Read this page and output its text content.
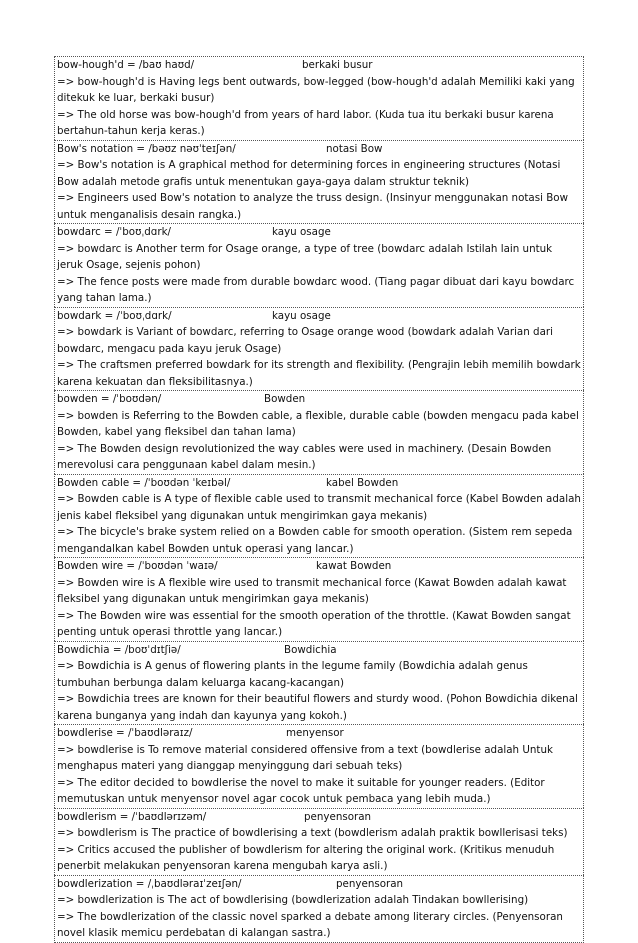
bow-hough'd = /baʊ haʊd/	berkaki busur
=> bow-hough'd is Having legs bent outwards, bow-legged (bow-hough'd adalah Memiliki kaki yang ditekuk ke luar, berkaki busur)
=> The old horse was bow-hough'd from years of hard labor. (Kuda tua itu berkaki busur karena bertahun-tahun kerja keras.)
Bow's notation = /bəʊz nəʊˈteɪʃən/	notasi Bow
=> Bow's notation is A graphical method for determining forces in engineering structures (Notasi Bow adalah metode grafis untuk menentukan gaya-gaya dalam struktur teknik)
=> Engineers used Bow's notation to analyze the truss design. (Insinyur menggunakan notasi Bow untuk menganalisis desain rangka.)
bowdarc = /ˈboʊˌdɑrk/	kayu osage
=> bowdarc is Another term for Osage orange, a type of tree (bowdarc adalah Istilah lain untuk jeruk Osage, sejenis pohon)
=> The fence posts were made from durable bowdarc wood. (Tiang pagar dibuat dari kayu bowdarc yang tahan lama.)
bowdark = /ˈboʊˌdɑrk/	kayu osage
=> bowdark is Variant of bowdarc, referring to Osage orange wood (bowdark adalah Varian dari bowdarc, mengacu pada kayu jeruk Osage)
=> The craftsmen preferred bowdark for its strength and flexibility. (Pengrajin lebih memilih bowdark karena kekuatan dan fleksibilitasnya.)
bowden = /ˈboʊdən/	Bowden
=> bowden is Referring to the Bowden cable, a flexible, durable cable (bowden mengacu pada kabel Bowden, kabel yang fleksibel dan tahan lama)
=> The Bowden design revolutionized the way cables were used in machinery. (Desain Bowden merevolusi cara penggunaan kabel dalam mesin.)
Bowden cable = /ˈboʊdən ˈkeɪbəl/	kabel Bowden
=> Bowden cable is A type of flexible cable used to transmit mechanical force (Kabel Bowden adalah jenis kabel fleksibel yang digunakan untuk mengirimkan gaya mekanis)
=> The bicycle's brake system relied on a Bowden cable for smooth operation. (Sistem rem sepeda mengandalkan kabel Bowden untuk operasi yang lancar.)
Bowden wire = /ˈboʊdən ˈwaɪə/	kawat Bowden
=> Bowden wire is A flexible wire used to transmit mechanical force (Kawat Bowden adalah kawat fleksibel yang digunakan untuk mengirimkan gaya mekanis)
=> The Bowden wire was essential for the smooth operation of the throttle. (Kawat Bowden sangat penting untuk operasi throttle yang lancar.)
Bowdichia = /boʊˈdɪtʃiə/	Bowdichia
=> Bowdichia is A genus of flowering plants in the legume family (Bowdichia adalah genus tumbuhan berbunga dalam keluarga kacang-kacangan)
=> Bowdichia trees are known for their beautiful flowers and sturdy wood. (Pohon Bowdichia dikenal karena bunganya yang indah dan kayunya yang kokoh.)
bowdlerise = /ˈbaʊdləraɪz/	menyensor
=> bowdlerise is To remove material considered offensive from a text (bowdlerise adalah Untuk menghapus materi yang dianggap menyinggung dari sebuah teks)
=> The editor decided to bowdlerise the novel to make it suitable for younger readers. (Editor memutuskan untuk menyensor novel agar cocok untuk pembaca yang lebih muda.)
bowdlerism = /ˈbaʊdlərɪzəm/	penyensoran
=> bowdlerism is The practice of bowdlerising a text (bowdlerism adalah praktik bowllerisasi teks)
=> Critics accused the publisher of bowdlerism for altering the original work. (Kritikus menuduh penerbit melakukan penyensoran karena mengubah karya asli.)
bowdlerization = /ˌbaʊdləraɪˈzeɪʃən/	penyensoran
=> bowdlerization is The act of bowdlerising (bowdlerization adalah Tindakan bowllerising)
=> The bowdlerization of the classic novel sparked a debate among literary circles. (Penyensoran novel klasik memicu perdebatan di kalangan sastra.)
